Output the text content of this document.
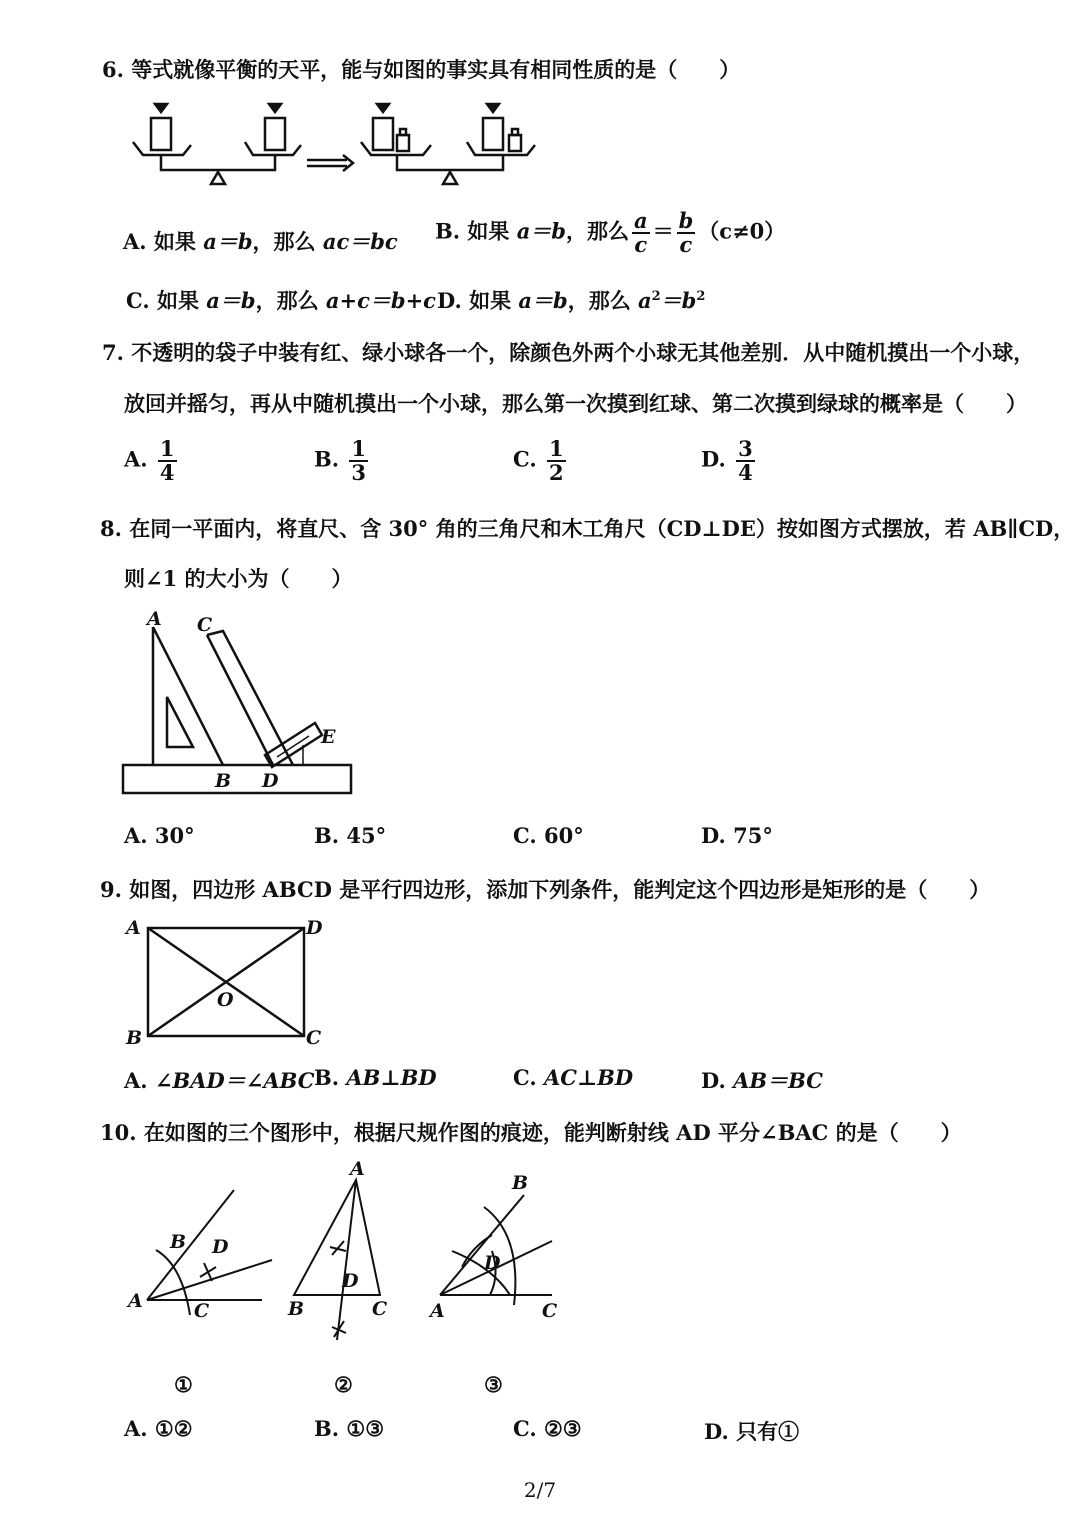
6. 等式就像平衡的天平，能与如图的事实具有相同性质的是（　　）
A. 如果 a＝b，那么 ac＝bc B. 如果 a＝b，那么 $\frac{a}{c} = \frac{b}{c} (c\ne 0)$
C. 如果 a＝b，那么 a+c＝b+c D. 如果 a＝b，那么 $a^2=b^2$
7. 不透明的袋子中装有红、绿小球各一个，除颜色外两个小球无其他差别．从中随机摸出一个小球，
放回并摇匀，再从中随机摸出一个小球，那么第一次摸到红球、第二次摸到绿球的概率是（　　）
A. $\frac{1}{4}$	B. $\frac{1}{3}$	C. $\frac{1}{2}$	D. $\frac{3}{4}$
8. 在同一平面内，将直尺、含 30° 角的三角尺和木工角尺（CD⊥DE）按如图方式摆放，若 AB∥CD，
则∠1 的大小为（　　）
A C
B D
E
A. 30°	B. 45°	C. 60°	D. 75°
9. 如图，四边形 ABCD 是平行四边形，添加下列条件，能判定这个四边形是矩形的是（　　）
A	D
B	C
O
A. ∠BAD＝∠ABC B. AB⊥BD	C. AC⊥BD	D. AB＝BC
10. 在如图的三个图形中，根据尺规作图的痕迹，能判断射线 AD 平分∠BAC 的是（　　）
A
B
C
D
A
B	C
D
B
A	C
D
①	②	③
A. ①②	B. ①③	C. ②③	D. 只有①
2/7
